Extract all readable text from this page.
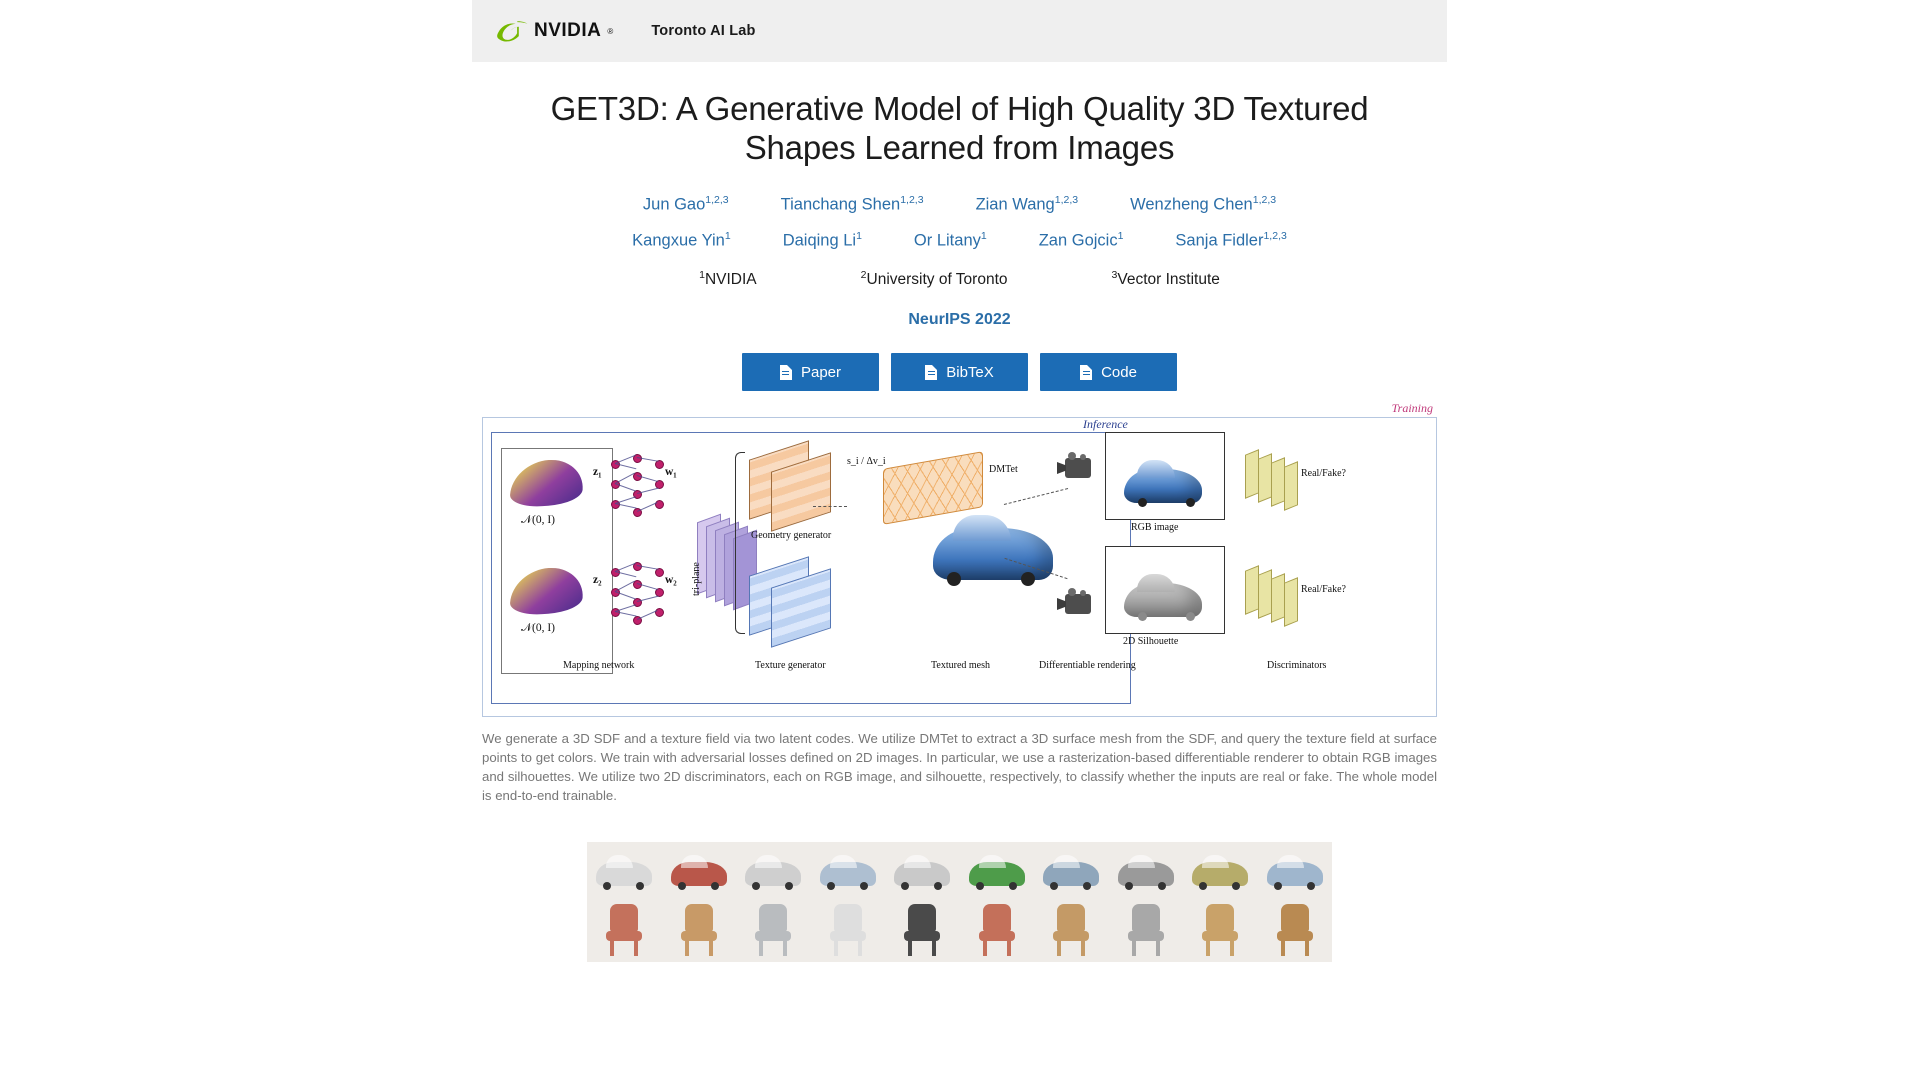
NVIDIA ®	Toronto AI Lab
GET3D: A Generative Model of High Quality 3D Textured Shapes Learned from Images
Jun Gao$^{1,2,3}$	Tianchang Shen$^{1,2,3}$	Zian Wang$^{1,2,3}$	Wenzheng Chen$^{1,2,3}$
Kangxue Yin$^1$	Daiqing Li$^1$	Or Litany$^1$	Zan Gojcic$^1$	Sanja Fidler$^{1,2,3}$
$^1$NVIDIA	$^2$University of Toronto	$^3$Vector Institute
NeurIPS 2022
Paper	BibTeX	Code
Training
Inference
𝒩(0, I)
z₁	w₁
𝒩(0, I)
z₂	w₂ tri-plane
Geometry generator
s_i / Δv_i
DMTet
Texture generator	Textured mesh
Mapping network	Differentiable rendering
RGB image
2D Silhouette
Real/Fake?
Real/Fake?
Discriminators
We generate a 3D SDF and a texture field via two latent codes. We utilize DMTet to extract a 3D surface mesh from the SDF, and query the texture field at surface points to get colors. We train with adversarial losses defined on 2D images. In particular, we use a rasterization-based differentiable renderer to obtain RGB images and silhouettes. We utilize two 2D discriminators, each on RGB image, and silhouette, respectively, to classify whether the inputs are real or fake. The whole model is end-to-end trainable.
